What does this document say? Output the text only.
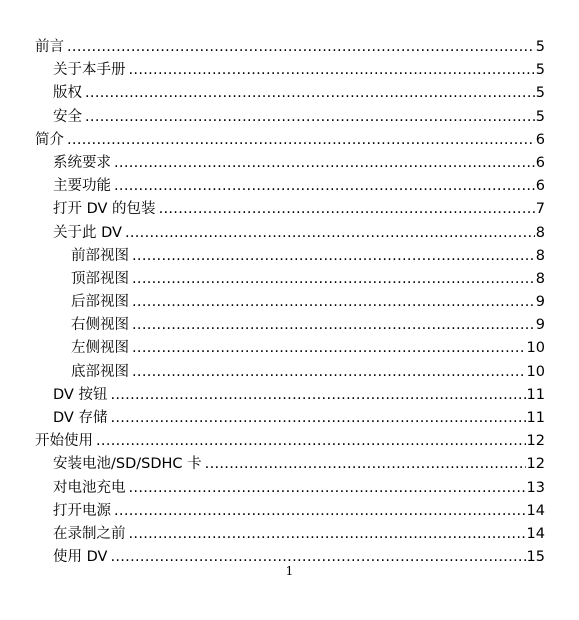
前言 .....	5
关于本手册 .....	5
版权 .....	5
安全 .....	5
简介 .....	6
系统要求 .....	6
主要功能 .....	6
打开 DV 的包装 .....	7
关于此 DV .....	8
前部视图 .....	8
顶部视图 .....	8
后部视图 .....	9
右侧视图 .....	9
左侧视图 .....	10
底部视图 .....	10
DV 按钮 .....	11
DV 存储 .....	11
开始使用 .....	12
安装电池/SD/SDHC 卡 .....	12
对电池充电 .....	13
打开电源 .....	14
在录制之前 .....	14
使用 DV .....	15
1
